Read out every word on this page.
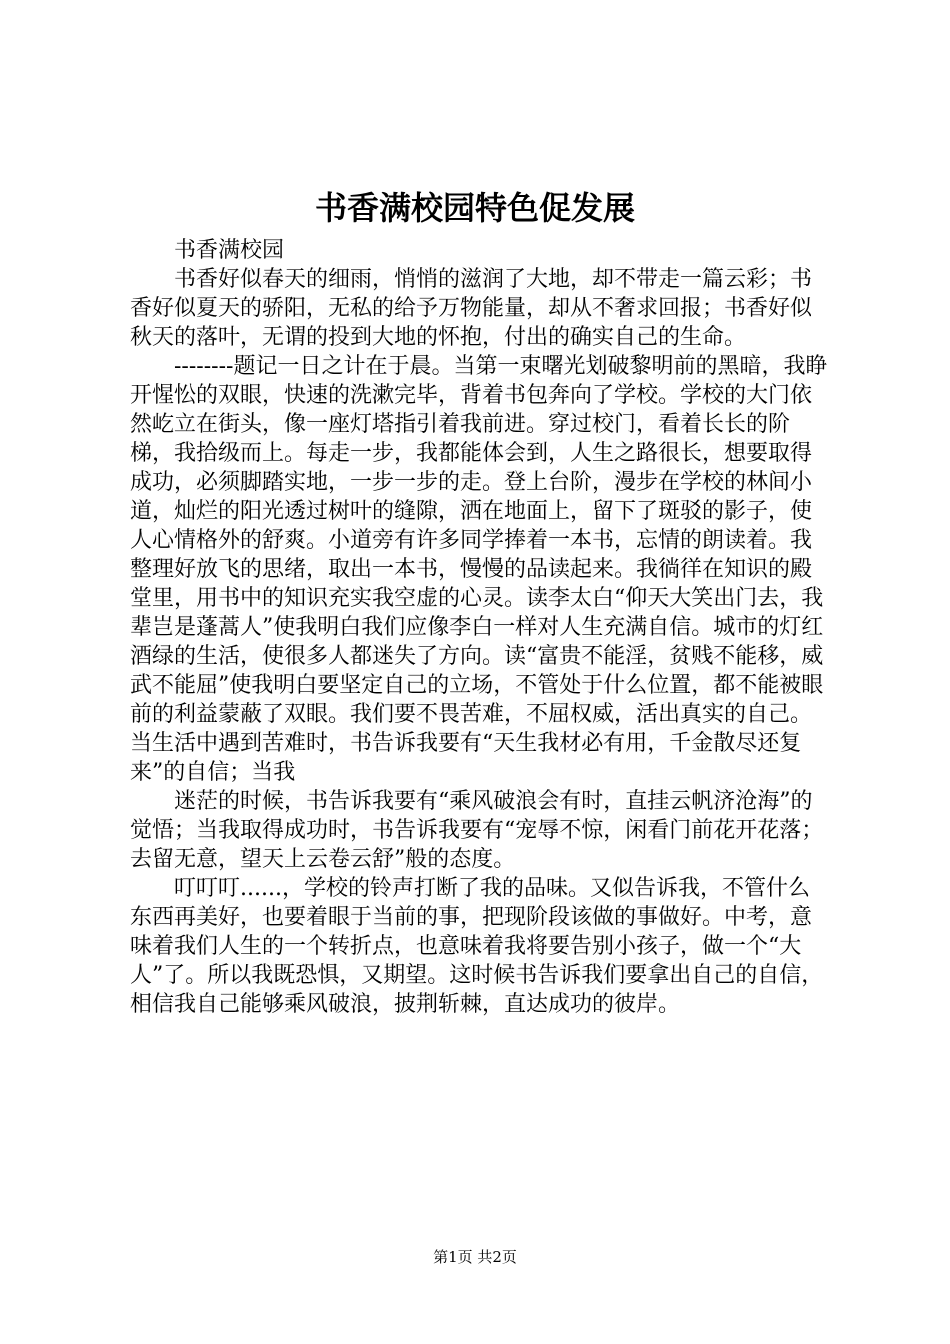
书香满校园特色促发展

书香满校园

书香好似春天的细雨，悄悄的滋润了大地，却不带走一篇云彩；书香好似夏天的骄阳，无私的给予万物能量，却从不奢求回报；书香好似秋天的落叶，无谓的投到大地的怀抱，付出的确实自己的生命。

--------题记一日之计在于晨。当第一束曙光划破黎明前的黑暗，我睁开惺忪的双眼，快速的洗漱完毕，背着书包奔向了学校。学校的大门依然屹立在街头，像一座灯塔指引着我前进。穿过校门，看着长长的阶梯，我拾级而上。每走一步，我都能体会到，人生之路很长，想要取得成功，必须脚踏实地，一步一步的走。登上台阶，漫步在学校的林间小道，灿烂的阳光透过树叶的缝隙，洒在地面上，留下了斑驳的影子，使人心情格外的舒爽。小道旁有许多同学捧着一本书，忘情的朗读着。我整理好放飞的思绪，取出一本书，慢慢的品读起来。我徜徉在知识的殿堂里，用书中的知识充实我空虚的心灵。读李太白“仰天大笑出门去，我辈岂是蓬蒿人”使我明白我们应像李白一样对人生充满自信。城市的灯红酒绿的生活，使很多人都迷失了方向。读“富贵不能淫，贫贱不能移，威武不能屈”使我明白要坚定自己的立场，不管处于什么位置，都不能被眼前的利益蒙蔽了双眼。我们要不畏苦难，不屈权威，活出真实的自己。当生活中遇到苦难时，书告诉我要有“天生我材必有用，千金散尽还复来”的自信；当我

迷茫的时候，书告诉我要有“乘风破浪会有时，直挂云帆济沧海”的觉悟；当我取得成功时，书告诉我要有“宠辱不惊，闲看门前花开花落；去留无意，望天上云卷云舒”般的态度。

叮叮叮......，学校的铃声打断了我的品味。又似告诉我，不管什么东西再美好，也要着眼于当前的事，把现阶段该做的事做好。中考，意味着我们人生的一个转折点，也意味着我将要告别小孩子，做一个“大人”了。所以我既恐惧，又期望。这时候书告诉我们要拿出自己的自信，相信我自己能够乘风破浪，披荆斩棘，直达成功的彼岸。

第1页 共2页
